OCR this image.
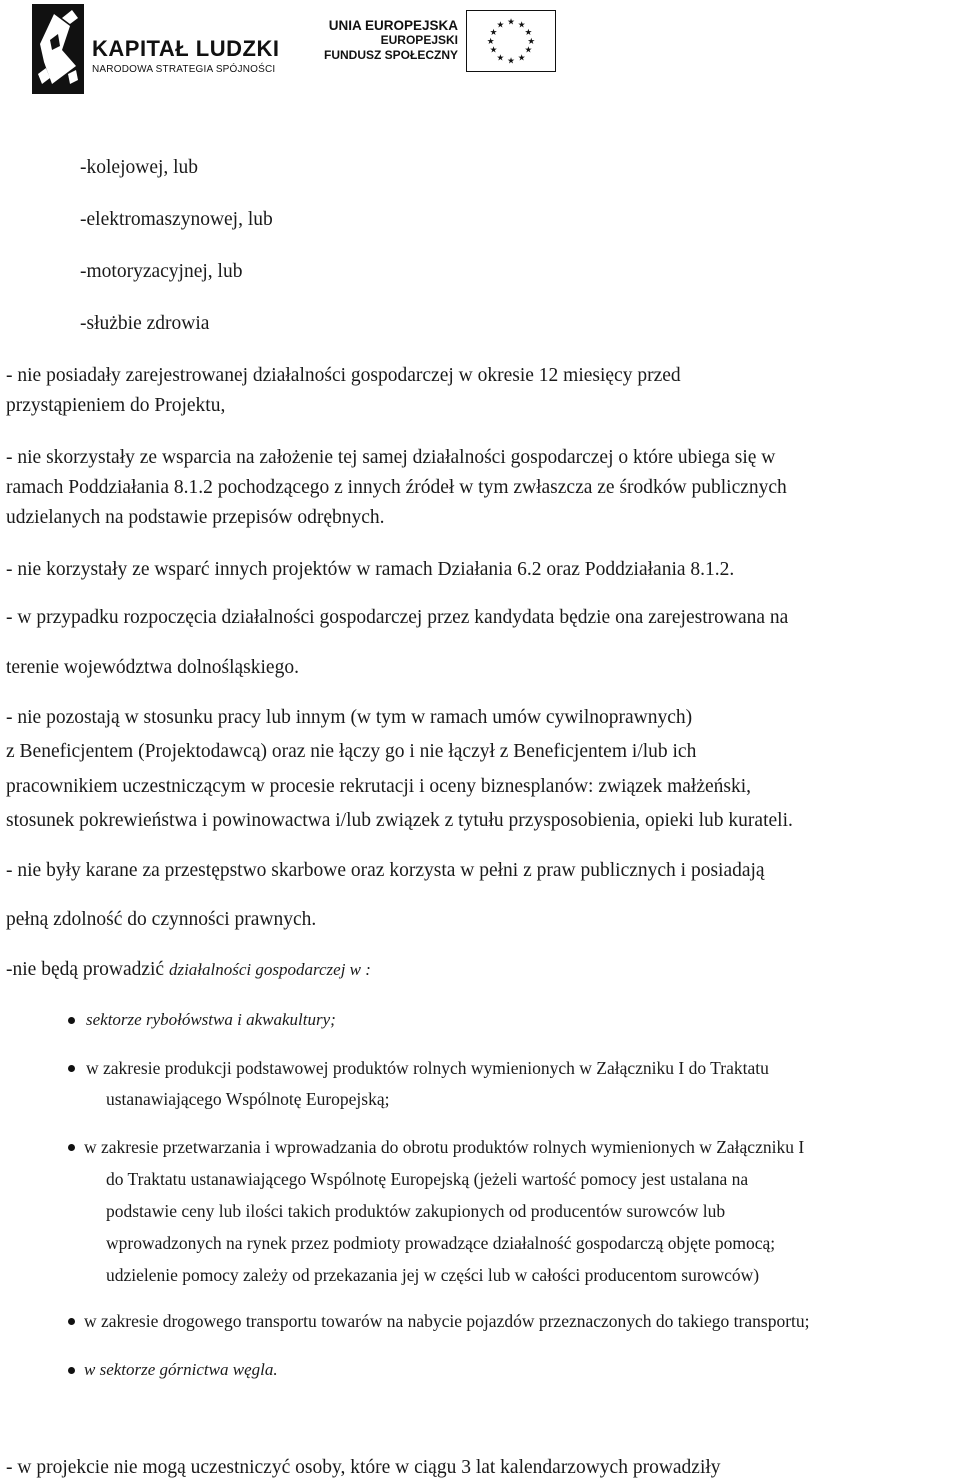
KAPITAŁ LUDZKI
NARODOWA STRATEGIA SPÓJNOŚCI
UNIA EUROPEJSKA
EUROPEJSKI
FUNDUSZ SPOŁECZNY
★ ★
★
★
★
★
★
★
★
★
★
★
-kolejowej, lub
-elektromaszynowej, lub
-motoryzacyjnej, lub
-służbie zdrowia
- nie posiadały zarejestrowanej działalności gospodarczej w okresie 12 miesięcy przed
przystąpieniem do Projektu,
- nie skorzystały ze wsparcia na założenie tej samej działalności gospodarczej o które ubiega się w
ramach Poddziałania 8.1.2 pochodzącego z innych źródeł w tym zwłaszcza ze środków publicznych
udzielanych na podstawie przepisów odrębnych.
- nie korzystały ze wsparć innych projektów w ramach Działania 6.2 oraz Poddziałania 8.1.2.
- w przypadku rozpoczęcia działalności gospodarczej przez kandydata będzie ona zarejestrowana na
terenie województwa dolnośląskiego.
- nie pozostają w stosunku pracy lub innym (w tym w ramach umów cywilnoprawnych)
z Beneficjentem (Projektodawcą) oraz nie łączy go i nie łączył z Beneficjentem i/lub ich
pracownikiem uczestniczącym w procesie rekrutacji i oceny biznesplanów: związek małżeński,
stosunek pokrewieństwa i powinowactwa i/lub związek z tytułu przysposobienia, opieki lub kurateli.
- nie były karane za przestępstwo skarbowe oraz korzysta w pełni z praw publicznych i posiadają
pełną zdolność do czynności prawnych.
-nie będą prowadzić działalności gospodarczej w :
sektorze rybołówstwa i akwakultury;
w zakresie produkcji podstawowej produktów rolnych wymienionych w Załączniku I do Traktatu
ustanawiającego Wspólnotę Europejską;
w zakresie przetwarzania i wprowadzania do obrotu produktów rolnych wymienionych w Załączniku I
do Traktatu ustanawiającego Wspólnotę Europejską (jeżeli wartość pomocy jest ustalana na
podstawie ceny lub ilości takich produktów zakupionych od producentów surowców lub
wprowadzonych na rynek przez podmioty prowadzące działalność gospodarczą objęte pomocą;
udzielenie pomocy zależy od przekazania jej w części lub w całości producentom surowców)
w zakresie drogowego transportu towarów na nabycie pojazdów przeznaczonych do takiego transportu;
w sektorze górnictwa węgla.
- w projekcie nie mogą uczestniczyć osoby, które w ciągu 3 lat kalendarzowych prowadziły
